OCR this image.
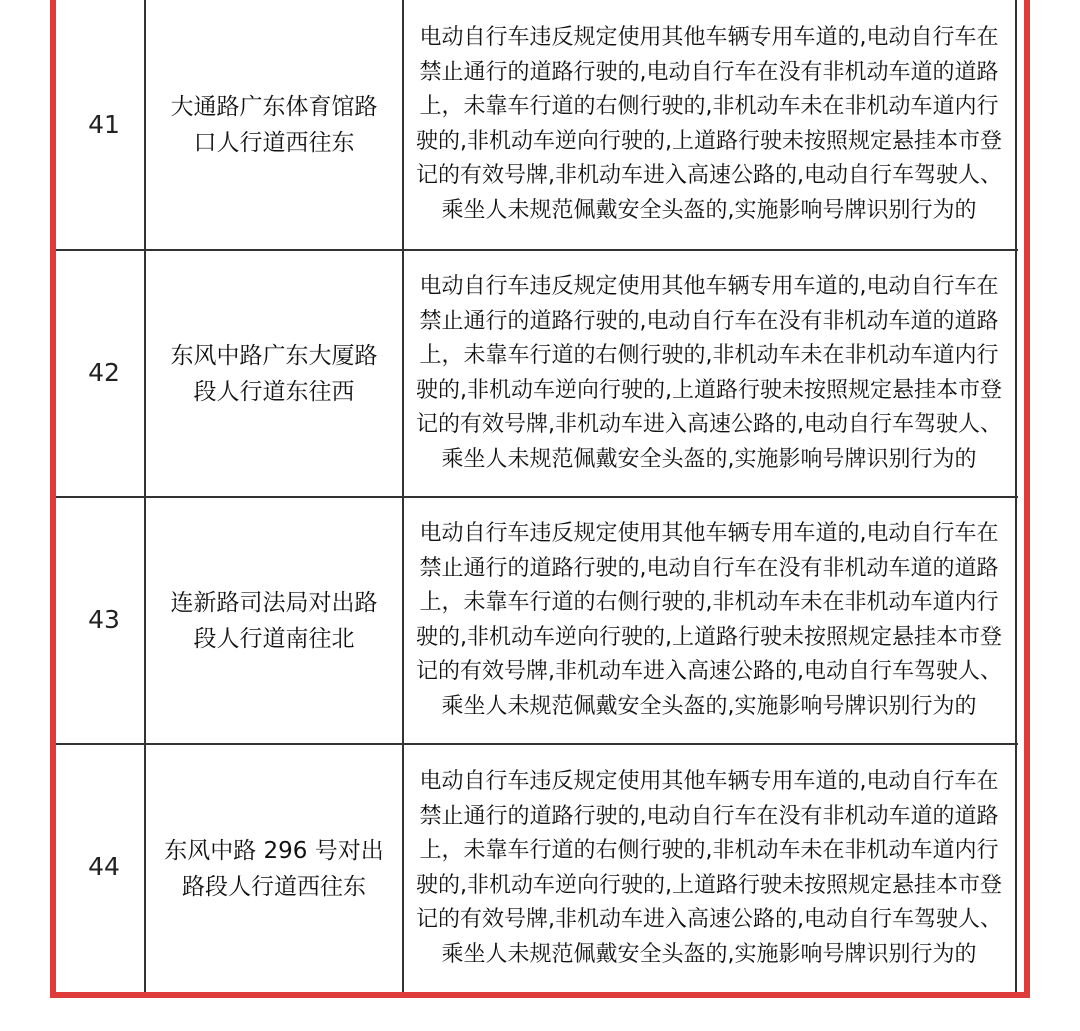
41
大通路广东体育馆路口人行道西往东
电动自行车违反规定使用其他车辆专用车道的,电动自行车在禁止通行的道路行驶的,电动自行车在没有非机动车道的道路上，未靠车行道的右侧行驶的,非机动车未在非机动车道内行驶的,非机动车逆向行驶的,上道路行驶未按照规定悬挂本市登记的有效号牌,非机动车进入高速公路的,电动自行车驾驶人、乘坐人未规范佩戴安全头盔的,实施影响号牌识别行为的
42
东风中路广东大厦路段人行道东往西
电动自行车违反规定使用其他车辆专用车道的,电动自行车在禁止通行的道路行驶的,电动自行车在没有非机动车道的道路上，未靠车行道的右侧行驶的,非机动车未在非机动车道内行驶的,非机动车逆向行驶的,上道路行驶未按照规定悬挂本市登记的有效号牌,非机动车进入高速公路的,电动自行车驾驶人、乘坐人未规范佩戴安全头盔的,实施影响号牌识别行为的
43
连新路司法局对出路段人行道南往北
电动自行车违反规定使用其他车辆专用车道的,电动自行车在禁止通行的道路行驶的,电动自行车在没有非机动车道的道路上，未靠车行道的右侧行驶的,非机动车未在非机动车道内行驶的,非机动车逆向行驶的,上道路行驶未按照规定悬挂本市登记的有效号牌,非机动车进入高速公路的,电动自行车驾驶人、乘坐人未规范佩戴安全头盔的,实施影响号牌识别行为的
44
东风中路 296 号对出路段人行道西往东
电动自行车违反规定使用其他车辆专用车道的,电动自行车在禁止通行的道路行驶的,电动自行车在没有非机动车道的道路上，未靠车行道的右侧行驶的,非机动车未在非机动车道内行驶的,非机动车逆向行驶的,上道路行驶未按照规定悬挂本市登记的有效号牌,非机动车进入高速公路的,电动自行车驾驶人、乘坐人未规范佩戴安全头盔的,实施影响号牌识别行为的
